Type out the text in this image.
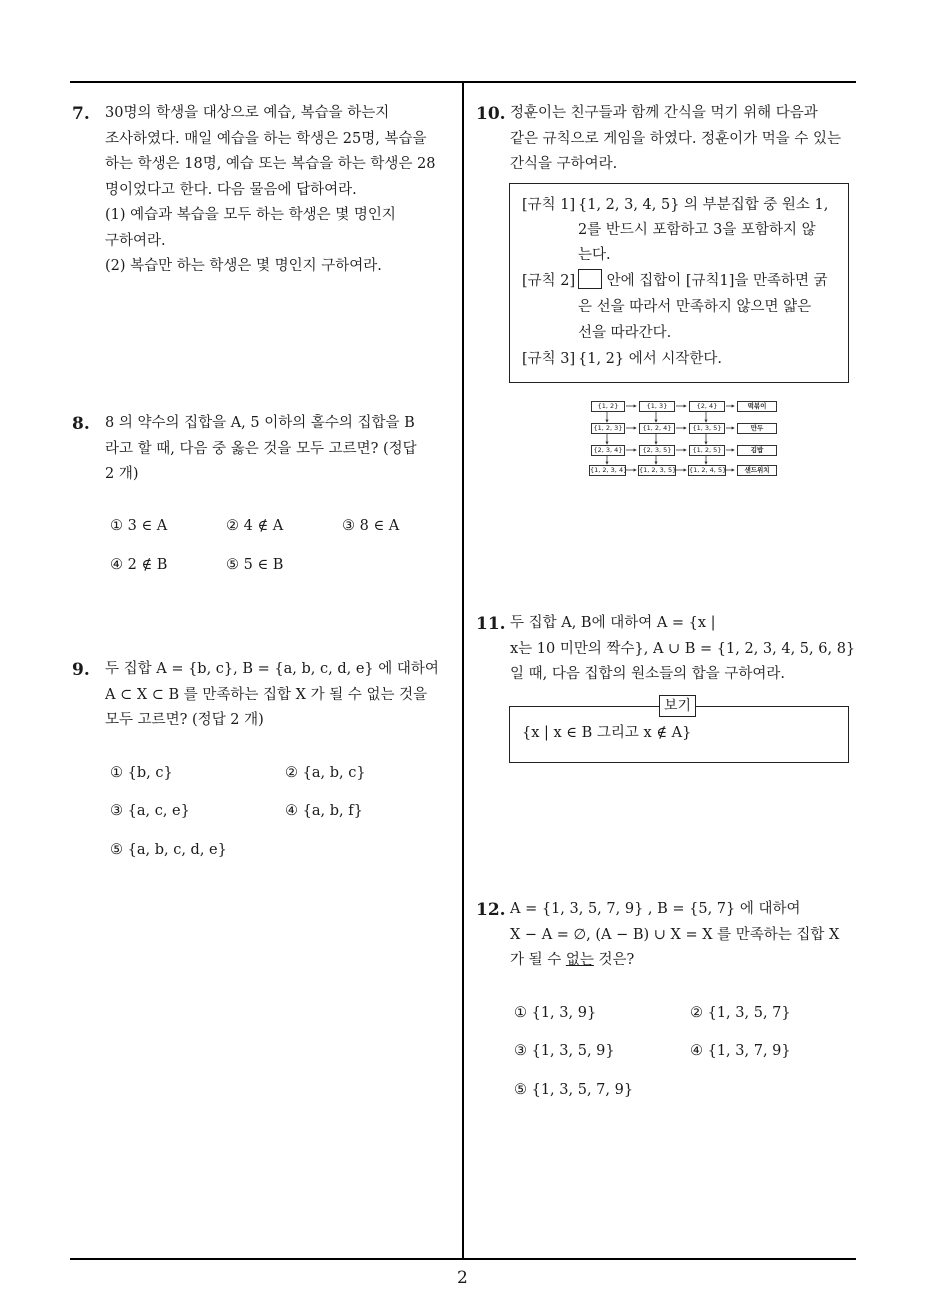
7. 30명의 학생을 대상으로 예습, 복습을 하는지
조사하였다. 매일 예습을 하는 학생은 25명, 복습을
하는 학생은 18명, 예습 또는 복습을 하는 학생은 28
명이었다고 한다. 다음 물음에 답하여라.
(1) 예습과 복습을 모두 하는 학생은 몇 명인지
구하여라.
(2) 복습만 하는 학생은 몇 명인지 구하여라.
8. 8 의 약수의 집합을 A, 5 이하의 홀수의 집합을 B
라고 할 때, 다음 중 옳은 것을 모두 고르면? (정답
2 개)
① 3 ∈ A	② 4 ∉ A	③ 8 ∈ A
④ 2 ∉ B	⑤ 5 ∈ B
9. 두 집합 A = {b, c}, B = {a, b, c, d, e} 에 대하여
A ⊂ X ⊂ B 를 만족하는 집합 X 가 될 수 없는 것을
모두 고르면? (정답 2 개)
① {b, c}	② {a, b, c}
③ {a, c, e}	④ {a, b, f}
⑤ {a, b, c, d, e}
10. 정훈이는 친구들과 함께 간식을 먹기 위해 다음과
같은 규칙으로 게임을 하였다. 정훈이가 먹을 수 있는
간식을 구하여라.
[규칙 1] {1, 2, 3, 4, 5} 의 부분집합 중 원소 1,
2를 반드시 포함하고 3을 포함하지 않
는다.
[규칙 2]	안에 집합이 [규칙1]을 만족하면 굵
은 선을 따라서 만족하지 않으면 얇은
선을 따라간다.
[규칙 3] {1, 2} 에서 시작한다.
{1, 2}	{1, 3}	{2, 4}	떡볶이
{1, 2, 3}	{1, 2, 4}	{1, 3, 5}	만두
{2, 3, 4}	{2, 3, 5}	{1, 2, 5}	김밥
{1, 2, 3, 4} {1, 2, 3, 5} {1, 2, 4, 5}	샌드위치
11. 두 집합 A, B에 대하여 A = {x |
x는 10 미만의 짝수}, A ∪ B = {1, 2, 3, 4, 5, 6, 8}
일 때, 다음 집합의 원소들의 합을 구하여라.
보기
{x | x ∈ B 그리고 x ∉ A}
12. A = {1, 3, 5, 7, 9} , B = {5, 7} 에 대하여
X − A = ∅, (A − B) ∪ X = X 를 만족하는 집합 X
가 될 수 없는 것은?
① {1, 3, 9}	② {1, 3, 5, 7}
③ {1, 3, 5, 9}	④ {1, 3, 7, 9}
⑤ {1, 3, 5, 7, 9}
2
